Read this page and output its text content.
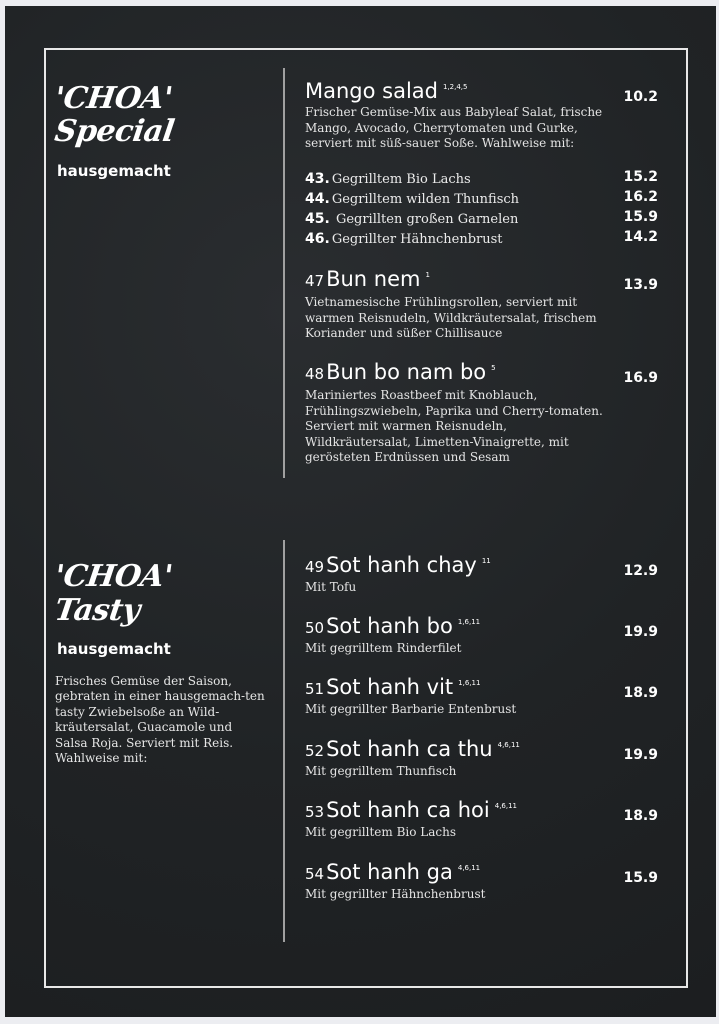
'CHOA'
Special
hausgemacht
Mango salad $^{1,2,4,5}$
10.2
Frischer Gemüse-Mix aus Babyleaf Salat, frische Mango, Avocado, Cherrytomaten und Gurke, serviert mit süß-sauer Soße. Wahlweise mit:
43. Gegrilltem Bio Lachs	15.2
44. Gegrilltem wilden Thunfisch	16.2
45. Gegrillten großen Garnelen	15.9
46. Gegrillter Hähnchenbrust	14.2
47Bun nem $^1$
13.9
Vietnamesische Frühlingsrollen, serviert mit warmen Reisnudeln, Wildkräutersalat, frischem Koriander und süßer Chillisauce
48Bun bo nam bo $^5$
16.9
Mariniertes Roastbeef mit Knoblauch, Frühlingszwiebeln, Paprika und Cherry-tomaten. Serviert mit warmen Reisnudeln, Wildkräutersalat, Limetten-Vinaigrette, mit gerösteten Erdnüssen und Sesam
'CHOA'
Tasty
hausgemacht
Frisches Gemüse der Saison, gebraten in einer hausgemach-ten tasty Zwiebelsoße an Wild-kräutersalat, Guacamole und Salsa Roja. Serviert mit Reis. Wahlweise mit:
49Sot hanh chay $^{11}$
12.9
Mit Tofu
50Sot hanh bo $^{1,6,11}$
19.9
Mit gegrilltem Rinderfilet
51Sot hanh vit $^{1,6,11}$
18.9
Mit gegrillter Barbarie Entenbrust
52Sot hanh ca thu $^{4,6,11}$
19.9
Mit gegrilltem Thunfisch
53Sot hanh ca hoi $^{4,6,11}$
18.9
Mit gegrilltem Bio Lachs
54Sot hanh ga $^{4,6,11}$
15.9
Mit gegrillter Hähnchenbrust
